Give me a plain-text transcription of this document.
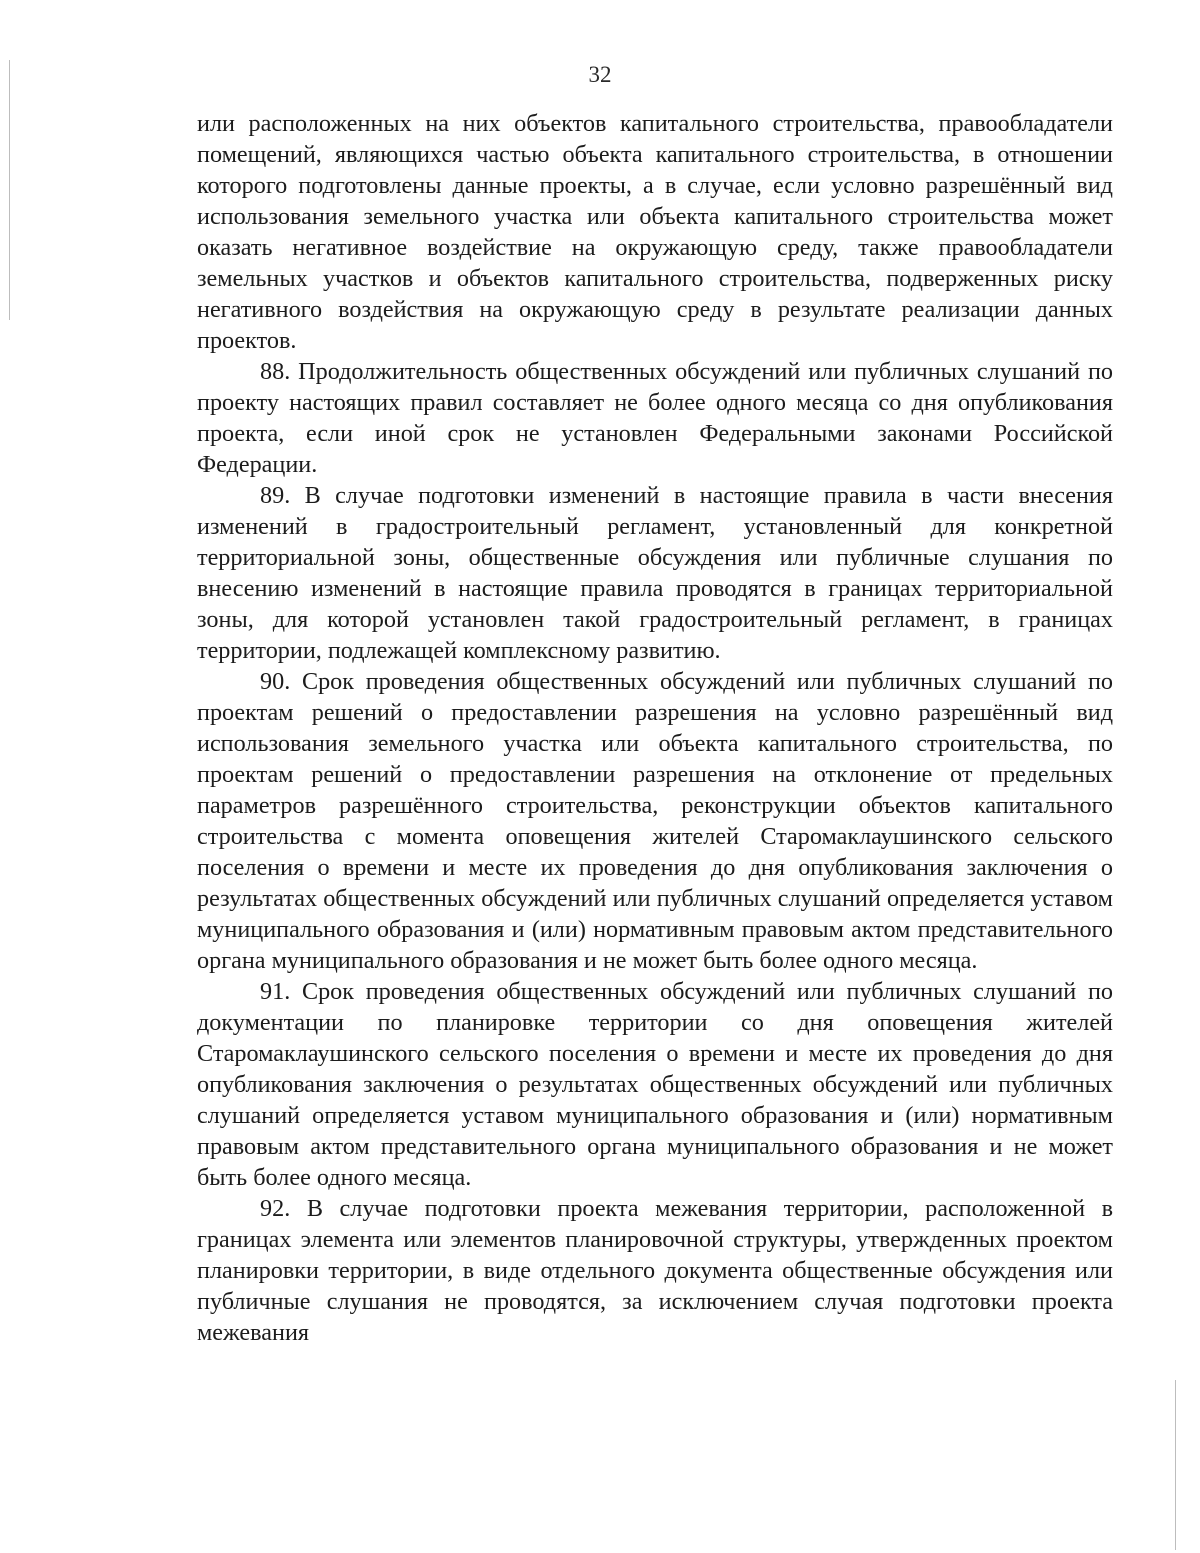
32

или расположенных на них объектов капитального строительства, правообладатели помещений, являющихся частью объекта капитального строительства, в отношении которого подготовлены данные проекты, а в случае, если условно разрешённый вид использования земельного участка или объекта капитального строительства может оказать негативное воздействие на окружающую среду, также правообладатели земельных участков и объектов капитального строительства, подверженных риску негативного воздействия на окружающую среду в результате реализации данных проектов.

88. Продолжительность общественных обсуждений или публичных слушаний по проекту настоящих правил составляет не более одного месяца со дня опубликования проекта, если иной срок не установлен Федеральными законами Российской Федерации.

89. В случае подготовки изменений в настоящие правила в части внесения изменений в градостроительный регламент, установленный для конкретной территориальной зоны, общественные обсуждения или публичные слушания по внесению изменений в настоящие правила проводятся в границах территориальной зоны, для которой установлен такой градостроительный регламент, в границах территории, подлежащей комплексному развитию.

90. Срок проведения общественных обсуждений или публичных слушаний по проектам решений о предоставлении разрешения на условно разрешённый вид использования земельного участка или объекта капитального строительства, по проектам решений о предоставлении разрешения на отклонение от предельных параметров разрешённого строительства, реконструкции объектов капитального строительства с момента оповещения жителей Старомаклаушинского сельского поселения о времени и месте их проведения до дня опубликования заключения о результатах общественных обсуждений или публичных слушаний определяется уставом муниципального образования и (или) нормативным правовым актом представительного органа муниципального образования и не может быть более одного месяца.

91. Срок проведения общественных обсуждений или публичных слушаний по документации по планировке территории со дня оповещения жителей Старомаклаушинского сельского поселения о времени и месте их проведения до дня опубликования заключения о результатах общественных обсуждений или публичных слушаний определяется уставом муниципального образования и (или) нормативным правовым актом представительного органа муниципального образования и не может быть более одного месяца.

92. В случае подготовки проекта межевания территории, расположенной в границах элемента или элементов планировочной структуры, утвержденных проектом планировки территории, в виде отдельного документа общественные обсуждения или публичные слушания не проводятся, за исключением случая подготовки проекта межевания
